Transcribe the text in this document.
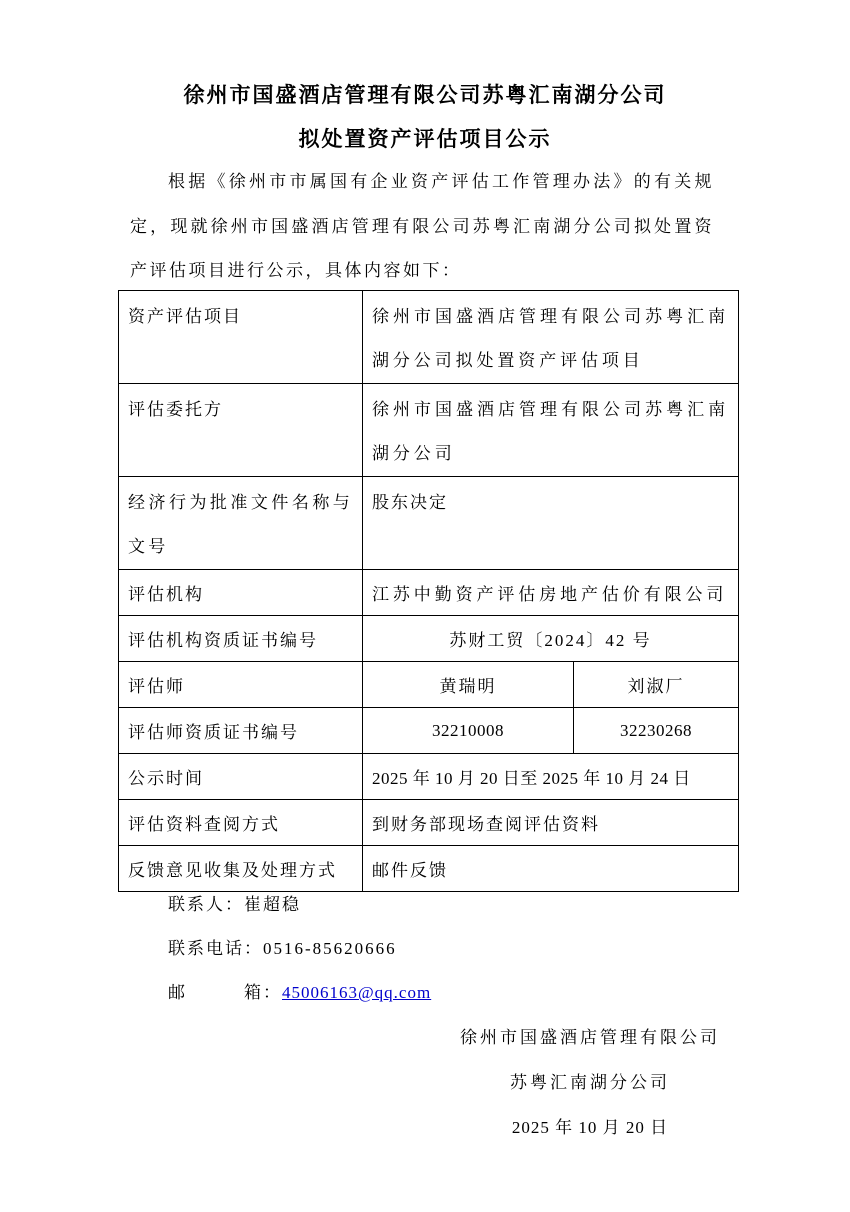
徐州市国盛酒店管理有限公司苏粤汇南湖分公司
拟处置资产评估项目公示
根据《徐州市市属国有企业资产评估工作管理办法》的有关规定，现就徐州市国盛酒店管理有限公司苏粤汇南湖分公司拟处置资产评估项目进行公示，具体内容如下：
资产评估项目	徐州市国盛酒店管理有限公司苏粤汇南湖分公司拟处置资产评估项目	
评估委托方	徐州市国盛酒店管理有限公司苏粤汇南湖分公司	
经济行为批准文件名称与文号	股东决定	
评估机构	江苏中勤资产评估房地产估价有限公司	
评估机构资质证书编号	苏财工贸〔2024〕42 号	
评估师	黄瑞明	刘淑厂
评估师资质证书编号	32210008	32230268
公示时间	2025 年 10 月 20 日至 2025 年 10 月 24 日	
评估资料查阅方式	到财务部现场查阅评估资料	
反馈意见收集及处理方式	邮件反馈	
联系人：崔超稳
联系电话：0516-85620666
邮　　　箱：45006163@qq.com
徐州市国盛酒店管理有限公司
苏粤汇南湖分公司
2025 年 10 月 20 日
